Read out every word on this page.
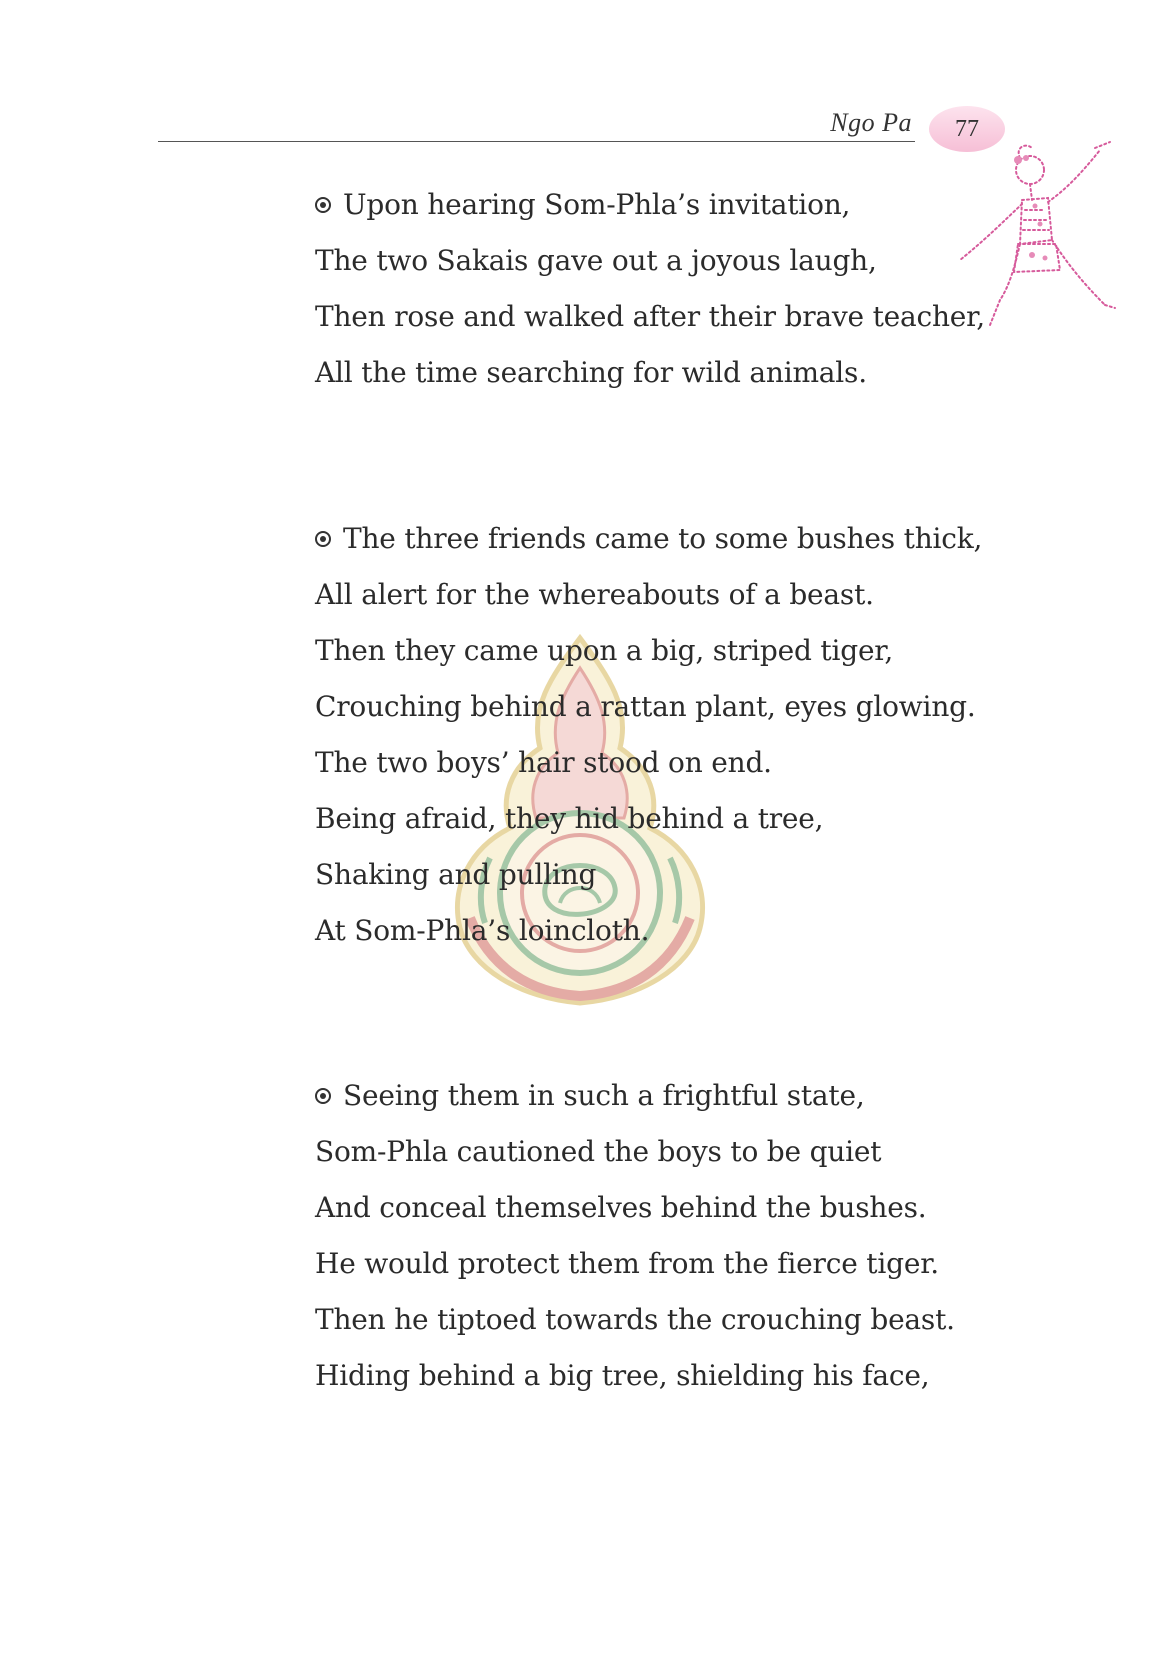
Ngo Pa 77
Upon hearing Som-Phla’s invitation,
The two Sakais gave out a joyous laugh,
Then rose and walked after their brave teacher,
All the time searching for wild animals.
The three friends came to some bushes thick,
All alert for the whereabouts of a beast.
Then they came upon a big, striped tiger,
Crouching behind a rattan plant, eyes glowing.
The two boys’ hair stood on end.
Being afraid, they hid behind a tree,
Shaking and pulling
At Som-Phla’s loincloth.
Seeing them in such a frightful state,
Som-Phla cautioned the boys to be quiet
And conceal themselves behind the bushes.
He would protect them from the fierce tiger.
Then he tiptoed towards the crouching beast.
Hiding behind a big tree, shielding his face,
